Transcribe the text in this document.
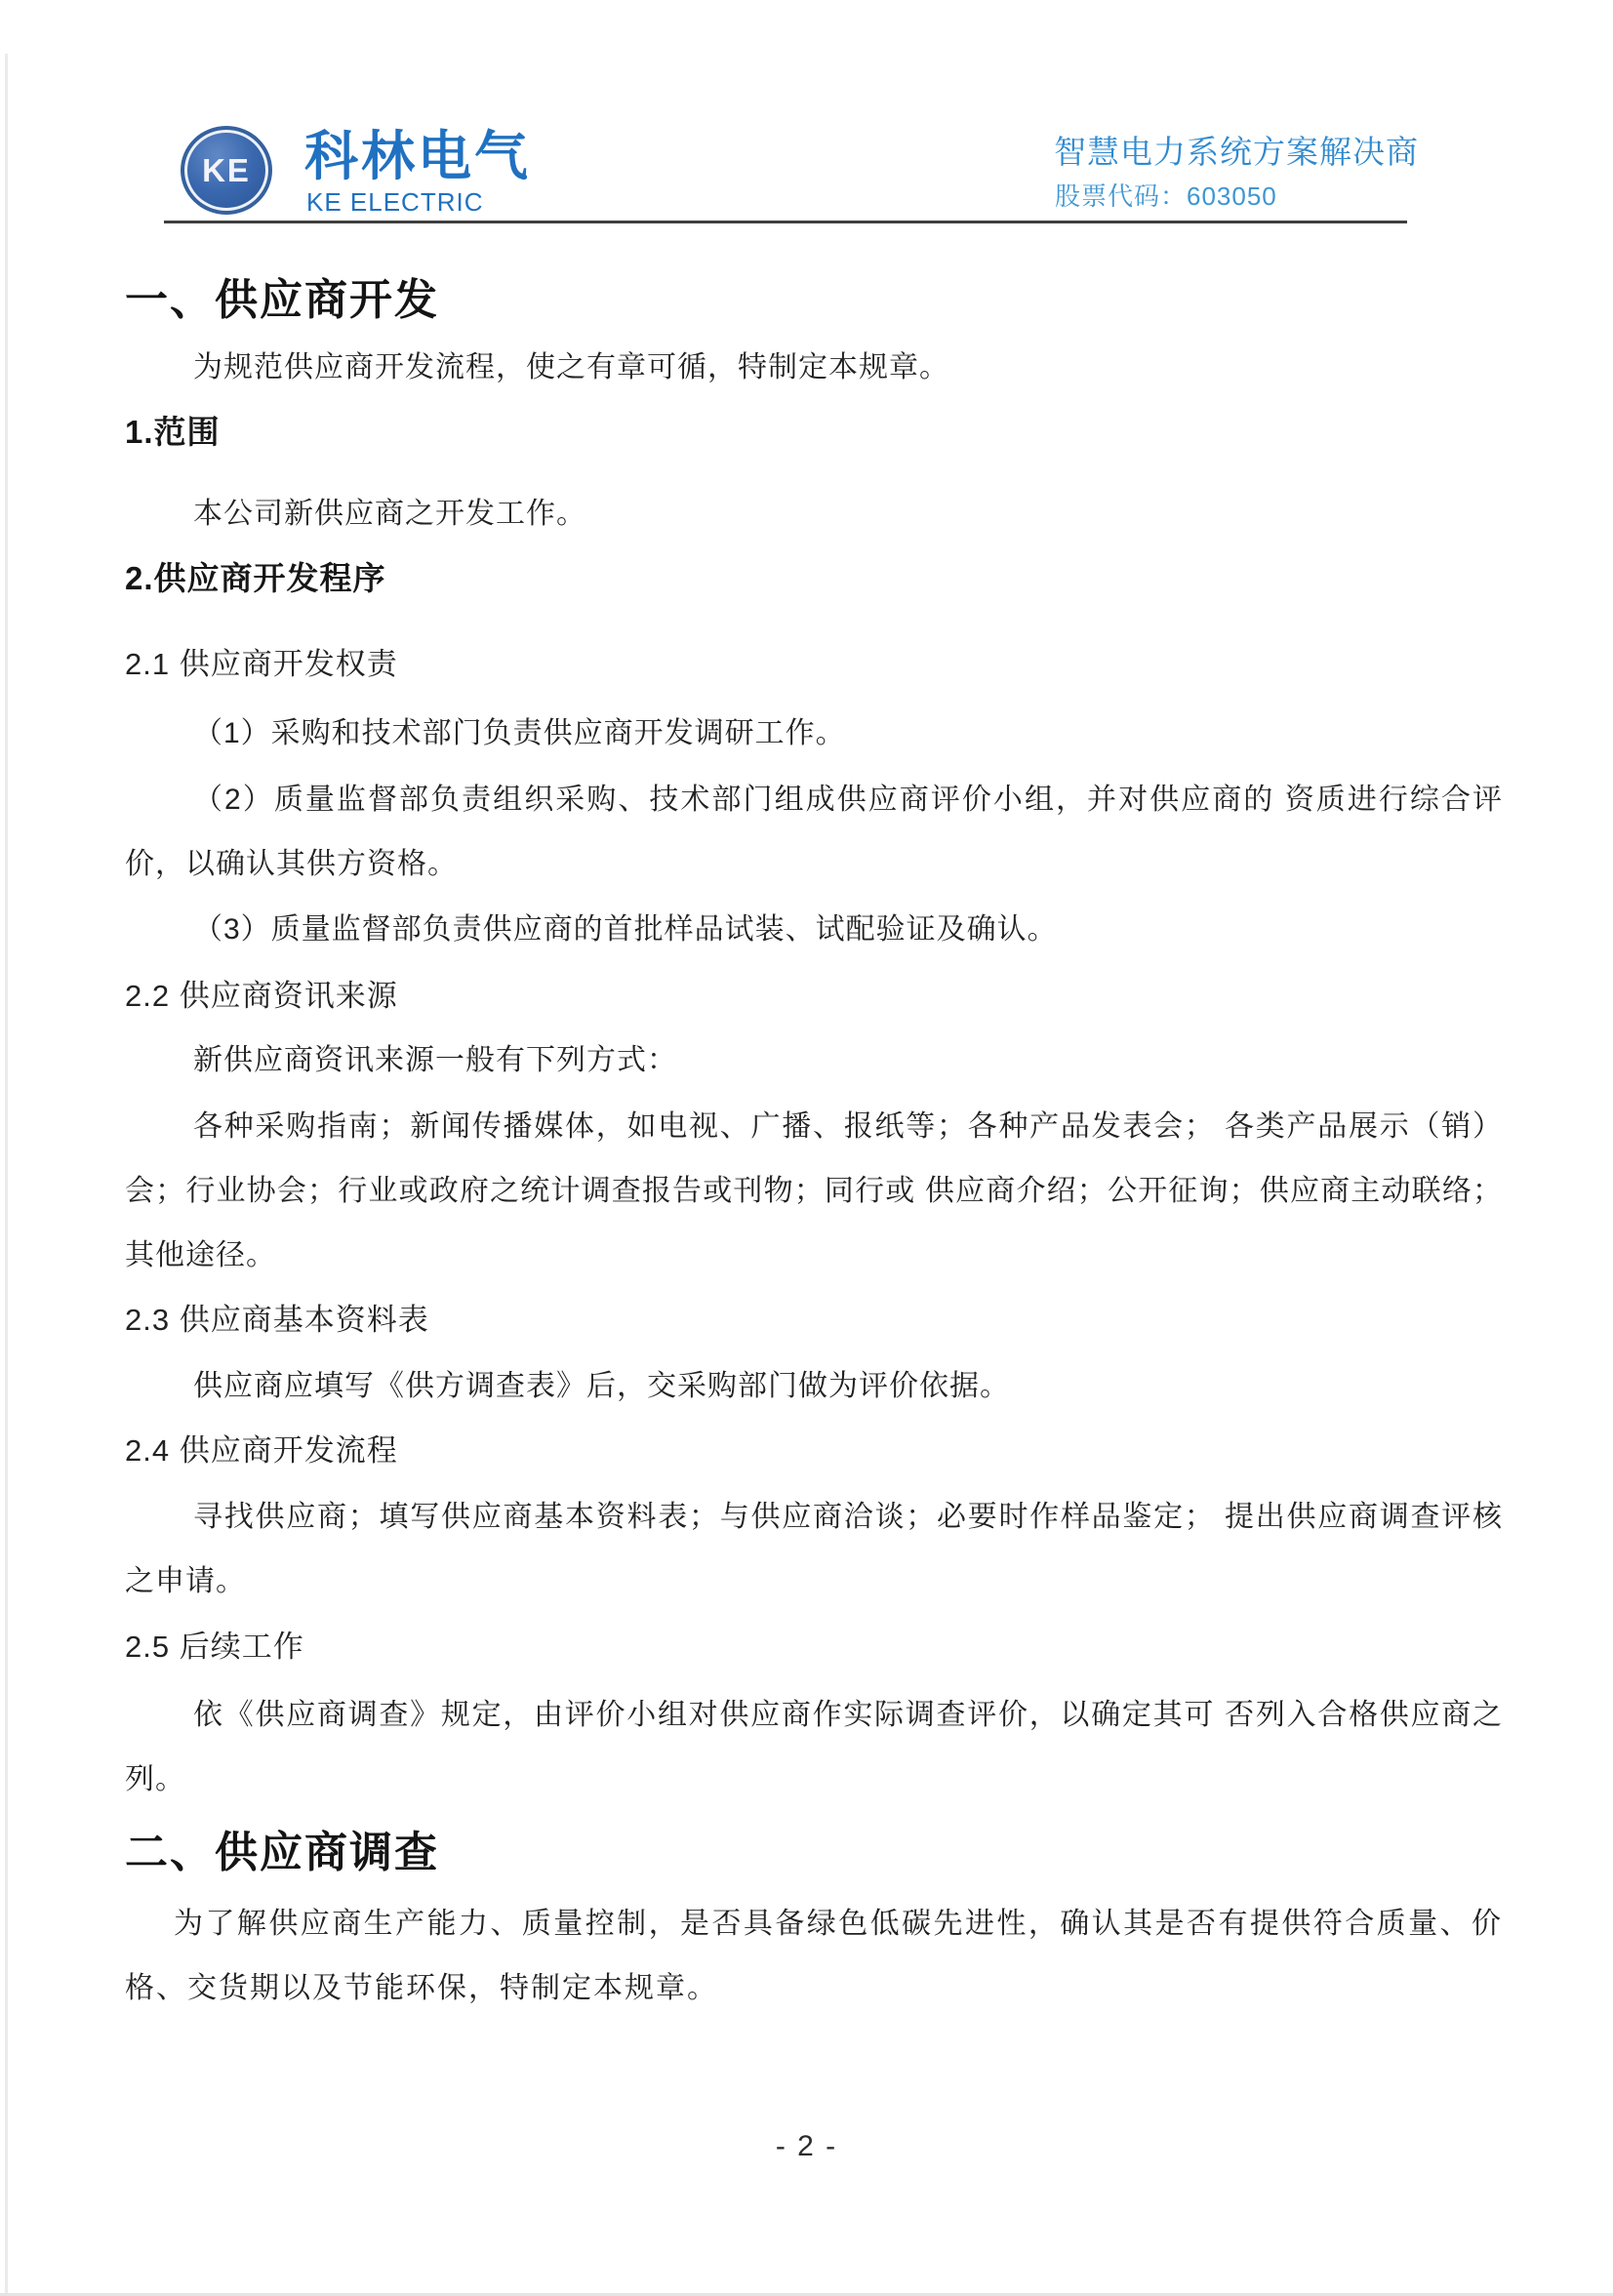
KE 科林电气
KE ELECTRIC
智慧电力系统方案解决商
股票代码：603050
一、供应商开发

为规范供应商开发流程，使之有章可循，特制定本规章。

1.范围

本公司新供应商之开发工作。

2.供应商开发程序
2.1 供应商开发权责

（1）采购和技术部门负责供应商开发调研工作。

（2）质量监督部负责组织采购、技术部门组成供应商评价小组，并对供应商的 资质进行综合评价，以确认其供方资格。

（3）质量监督部负责供应商的首批样品试装、试配验证及确认。

2.2 供应商资讯来源

新供应商资讯来源一般有下列方式：

各种采购指南；新闻传播媒体，如电视、广播、报纸等；各种产品发表会； 各类产品展示（销）会；行业协会；行业或政府之统计调查报告或刊物；同行或 供应商介绍；公开征询；供应商主动联络；其他途径。

2.3 供应商基本资料表

供应商应填写《供方调查表》后，交采购部门做为评价依据。

2.4 供应商开发流程

寻找供应商；填写供应商基本资料表；与供应商洽谈；必要时作样品鉴定； 提出供应商调查评核之申请。

2.5 后续工作

依《供应商调查》规定，由评价小组对供应商作实际调查评价，以确定其可 否列入合格供应商之列。

二、供应商调查

为了解供应商生产能力、质量控制，是否具备绿色低碳先进性，确认其是否有提供符合质量、价格、交货期以及节能环保，特制定本规章。

- 2 -
